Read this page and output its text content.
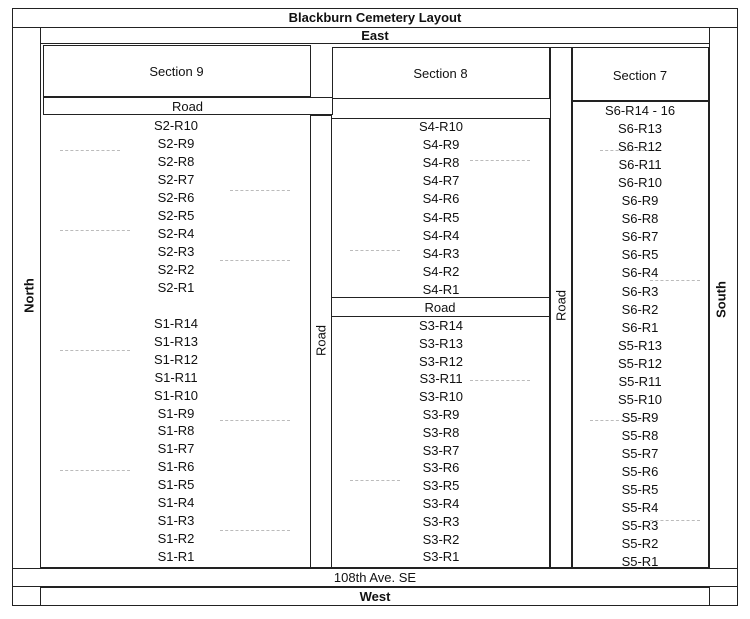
Blackburn Cemetery Layout
East
Section 9	Section 8	Section 7
Road
Road
Road	Road
S2-R10
S2-R9
S2-R8
S2-R7
S2-R6
S2-R5
S2-R4
S2-R3
S2-R2
S2-R1
S1-R14
S1-R13
S1-R12
S1-R11
S1-R10
S1-R9
S1-R8
S1-R7
S1-R6
S1-R5
S1-R4
S1-R3
S1-R2
S1-R1
S4-R10
S4-R9
S4-R8
S4-R7
S4-R6
S4-R5
S4-R4
S4-R3
S4-R2
S4-R1
S3-R14
S3-R13
S3-R12
S3-R11
S3-R10
S3-R9
S3-R8
S3-R7
S3-R6
S3-R5
S3-R4
S3-R3
S3-R2
S3-R1
S6-R14 - 16
S6-R13
S6-R12
S6-R11
S6-R10
S6-R9
S6-R8
S6-R7
S6-R5
S6-R4
S6-R3
S6-R2
S6-R1
S5-R13
S5-R12
S5-R11
S5-R10
S5-R9
S5-R8
S5-R7
S5-R6
S5-R5
S5-R4
S5-R3
S5-R2
S5-R1
108th Ave. SE
West
North	South
